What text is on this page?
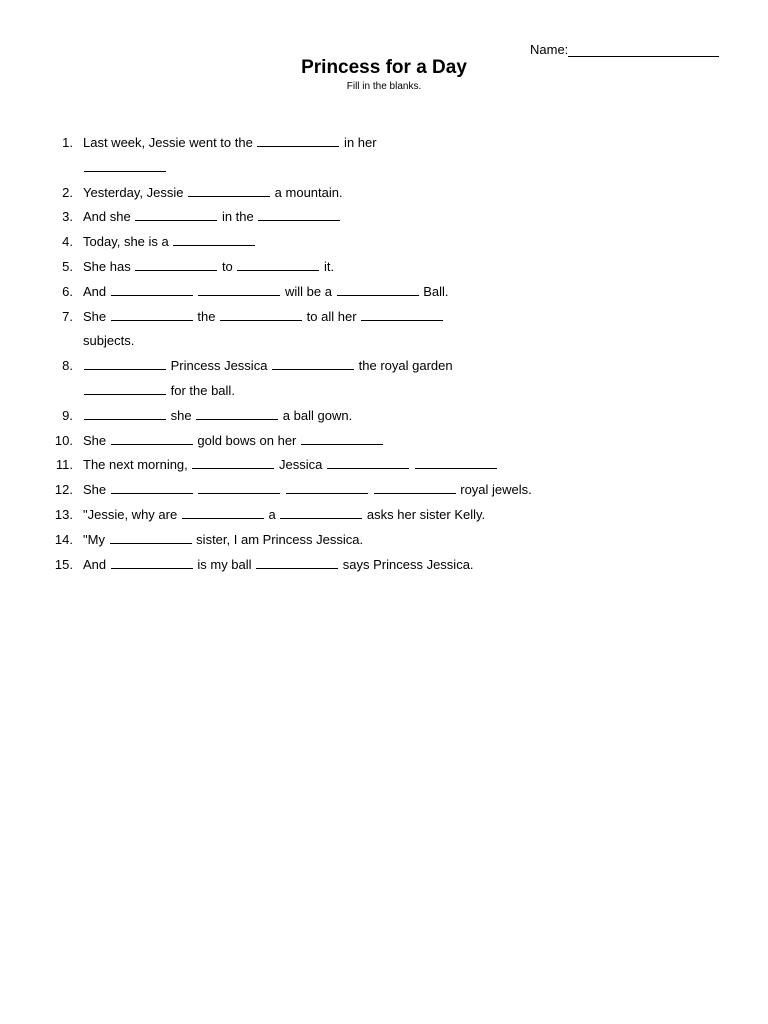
Name:
Princess for a Day
Fill in the blanks.
1. Last week, Jessie went to the	in her

2. Yesterday, Jessie	a mountain.
3. And she	in the
4. Today, she is a
5. She has	to	it.
6. And	will be a	Ball.
7. She	the	to all her
subjects.
8.	Princess Jessica	the royal garden
for the ball.
9.	she	a ball gown.
10. She	gold bows on her
11. The next morning,	Jessica
12. She	royal jewels.
13. "Jessie, why are	a	asks her sister Kelly.
14. "My	sister, I am Princess Jessica.
15. And	is my ball	says Princess Jessica.
